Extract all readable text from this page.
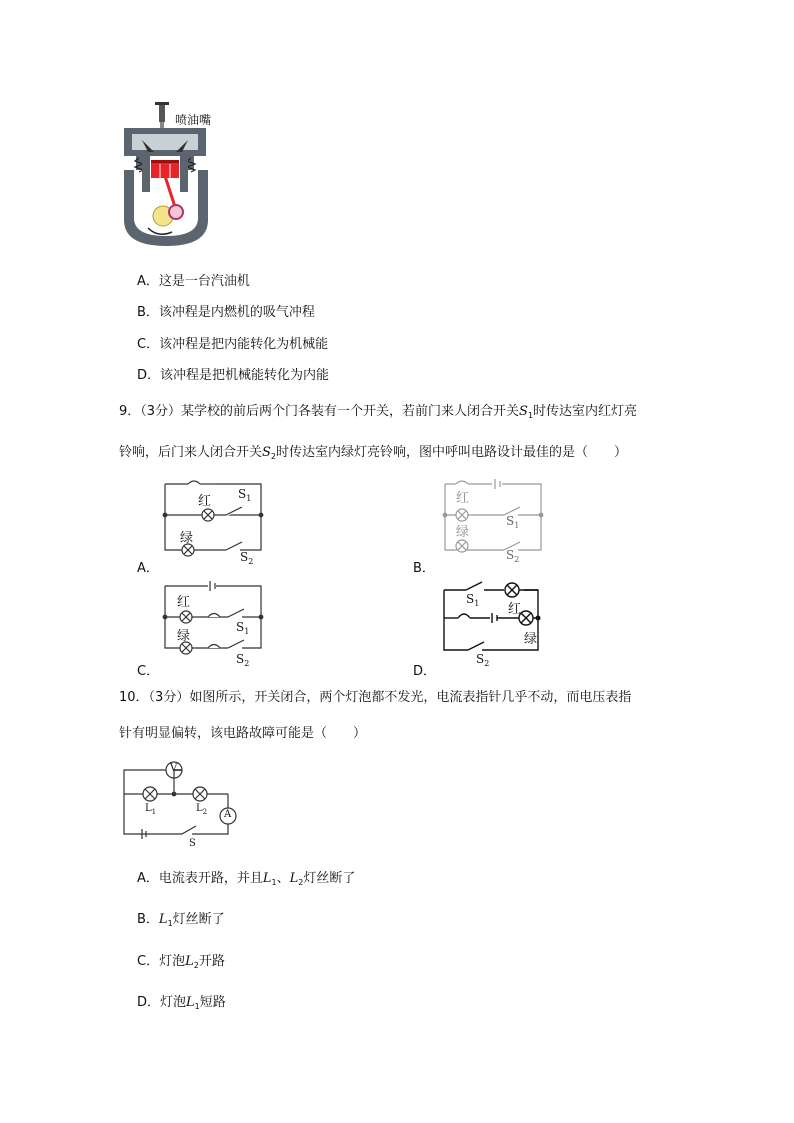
喷油嘴
A．这是一台汽油机
B．该冲程是内燃机的吸气冲程
C．该冲程是把内能转化为机械能
D．该冲程是把机械能转化为内能
9．（3分）某学校的前后两个门各装有一个开关，若前门来人闭合开关$S_1$时传达室内红灯亮
铃响，后门来人闭合开关$S_2$时传达室内绿灯亮铃响，图中呼叫电路设计最佳的是（　　）
红
绿
$S_1$
$S_2$
A．
红
绿
$S_1$
$S_2$
B．
红
绿
$S_1$
$S_2$
C．
红
绿
$S_1$
$S_2$
D．
10．（3分）如图所示，开关闭合，两个灯泡都不发光，电流表指针几乎不动，而电压表指
针有明显偏转，该电路故障可能是（　　）
V
A
$L_1$	$L_2$
S
A．电流表开路，并且$L_1$、$L_2$灯丝断了
B．$L_1$灯丝断了
C．灯泡$L_2$开路
D．灯泡$L_1$短路
